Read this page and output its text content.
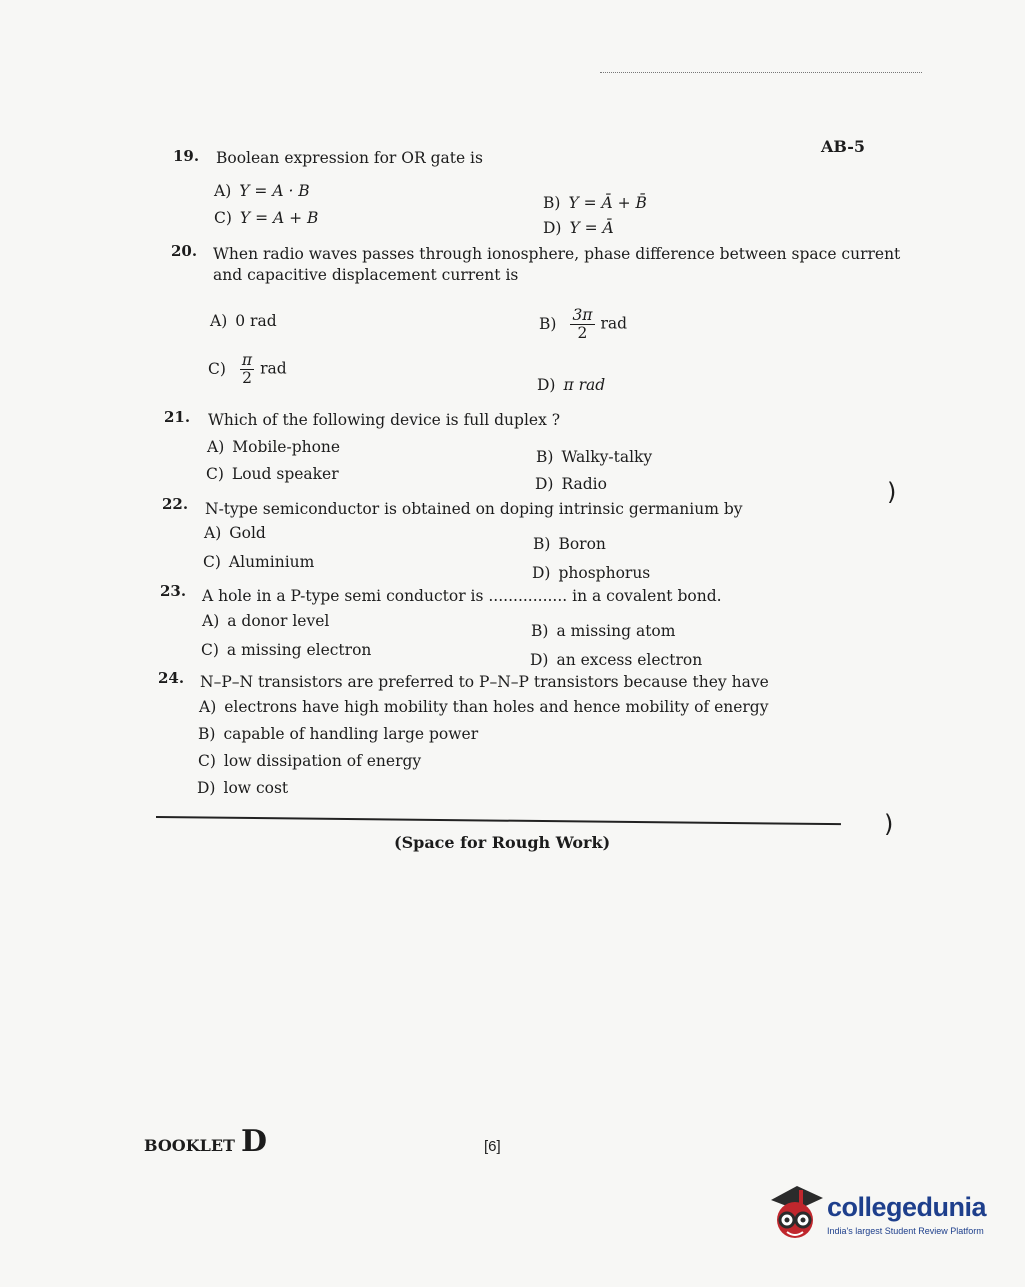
AB-5
19. Boolean expression for OR gate is
A) Y = A · B
B) Y = Ā + B̄
C) Y = A + B
D) Y = Ā
20. When radio waves passes through ionosphere, phase difference between space current
and capacitive displacement current is
A) 0 rad	$B) \frac{3\pi}{2}$ rad
$C) \frac{\pi}{2}$ rad
D) π rad
21. Which of the following device is full duplex ?
A) Mobile-phone
B) Walky-talky
C) Loud speaker
D) Radio
22. N-type semiconductor is obtained on doping intrinsic germanium by
A) Gold
B) Boron
C) Aluminium
D) phosphorus
23. A hole in a P-type semi conductor is ................ in a covalent bond.
A) a donor level
B) a missing atom
C) a missing electron
D) an excess electron
24. N–P–N transistors are preferred to P–N–P transistors because they have
A) electrons have high mobility than holes and hence mobility of energy
B) capable of handling large power
C) low dissipation of energy
D) low cost
(Space for Rough Work)
)
)
BOOKLET D	[6]
collegedunia
India's largest Student Review Platform
